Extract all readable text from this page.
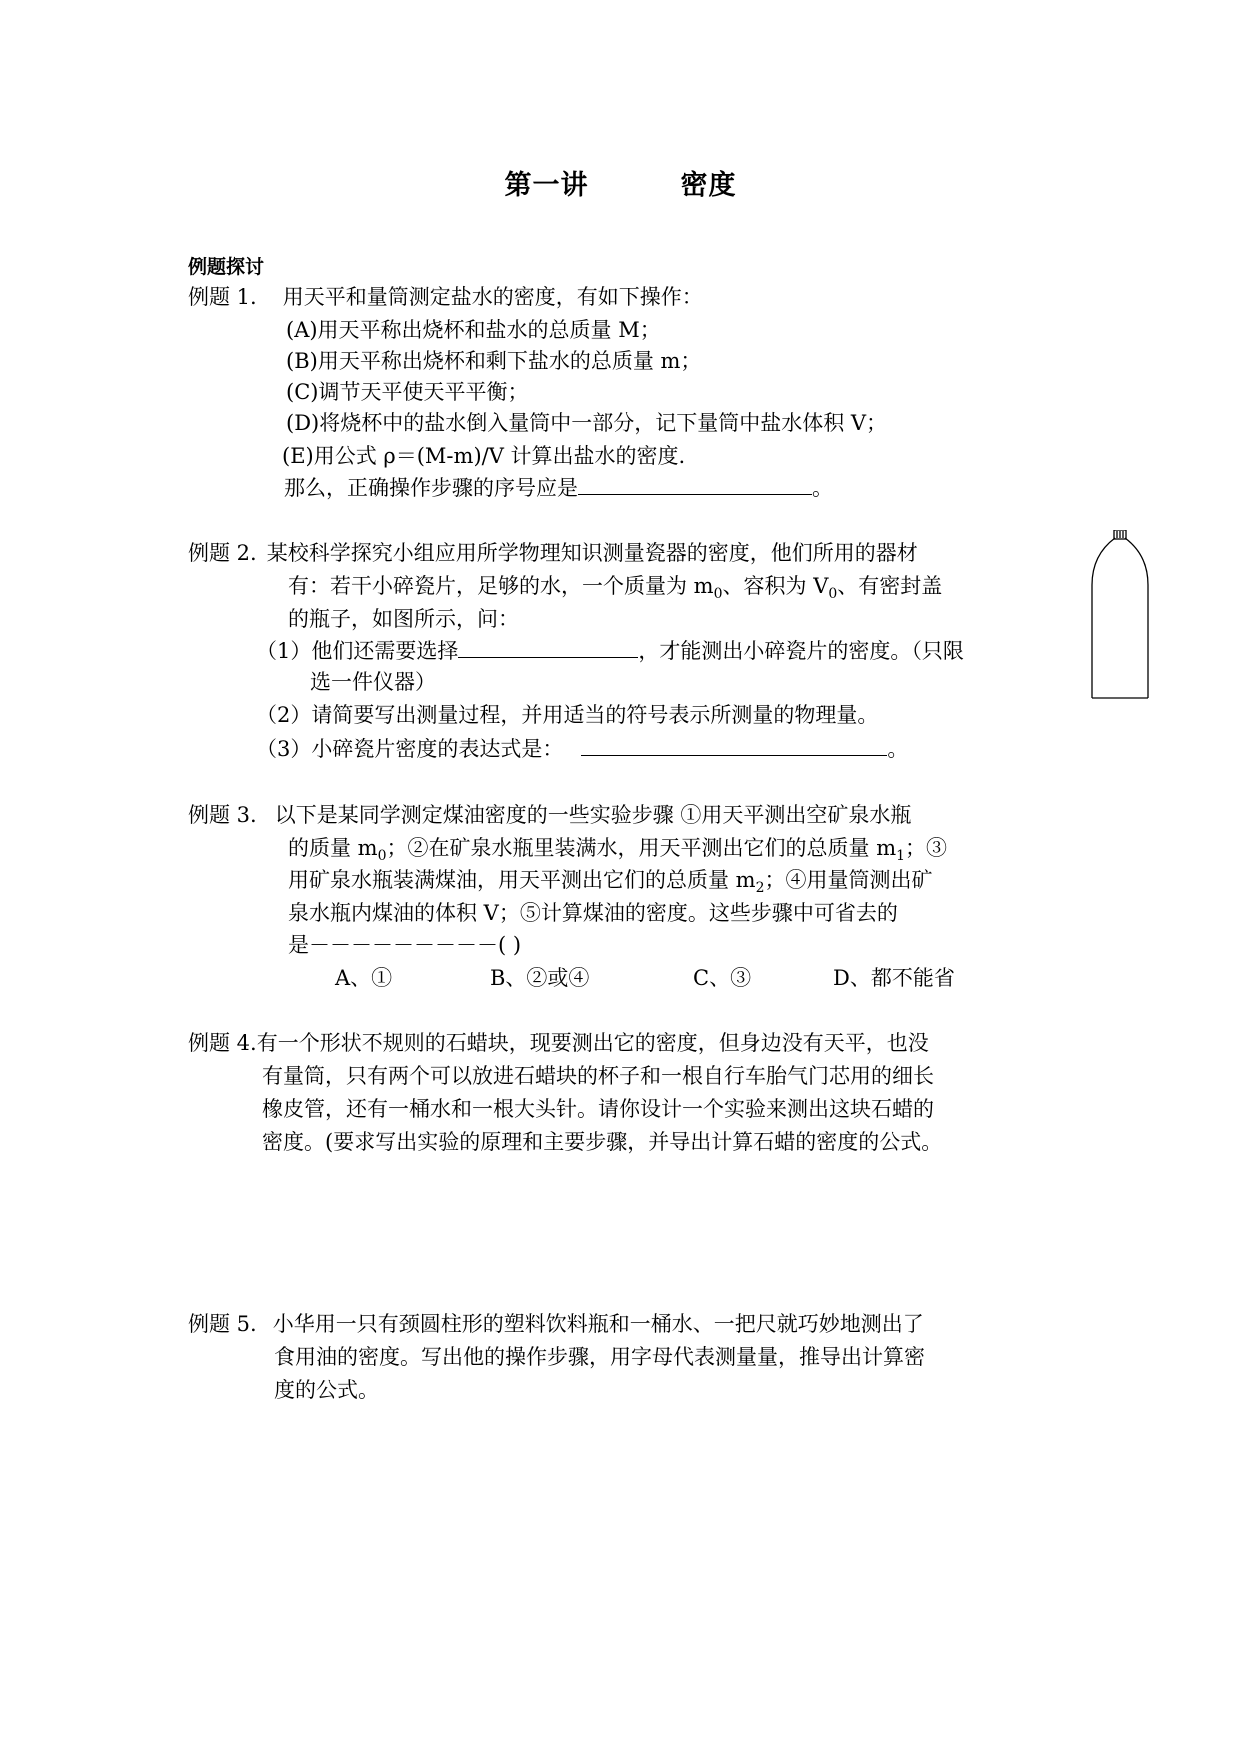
第一讲	密度
例题探讨
例题 1. 用天平和量筒测定盐水的密度，有如下操作：
(A)用天平称出烧杯和盐水的总质量 M；
(B)用天平称出烧杯和剩下盐水的总质量 m；
(C)调节天平使天平平衡；
(D)将烧杯中的盐水倒入量筒中一部分，记下量筒中盐水体积 V；
(E)用公式 ρ＝(M-m)/V 计算出盐水的密度.
那么，正确操作步骤的序号应是	。
例题 2. 某校科学探究小组应用所学物理知识测量瓷器的密度，他们所用的器材
有：若干小碎瓷片，足够的水，一个质量为 $m_0$、容积为 $V_0$、有密封盖
的瓶子，如图所示，问：
（1）他们还需要选择	，才能测出小碎瓷片的密度。（只限
选一件仪器）
（2）请简要写出测量过程，并用适当的符号表示所测量的物理量。
（3）小碎瓷片密度的表达式是：	。
例题 3. 以下是某同学测定煤油密度的一些实验步骤 ①用天平测出空矿泉水瓶
的质量 $m_0$；②在矿泉水瓶里装满水，用天平测出它们的总质量 $m_1$；③
用矿泉水瓶装满煤油，用天平测出它们的总质量 $m_2$；④用量筒测出矿
泉水瓶内煤油的体积 V；⑤计算煤油的密度。这些步骤中可省去的
是－－－－－－－－－( )
A、①	B、②或④	C、③	D、都不能省
例题 4.有一个形状不规则的石蜡块，现要测出它的密度，但身边没有天平，也没
有量筒，只有两个可以放进石蜡块的杯子和一根自行车胎气门芯用的细长
橡皮管，还有一桶水和一根大头针。请你设计一个实验来测出这块石蜡的
密度。(要求写出实验的原理和主要步骤，并导出计算石蜡的密度的公式。
例题 5. 小华用一只有颈圆柱形的塑料饮料瓶和一桶水、一把尺就巧妙地测出了
食用油的密度。写出他的操作步骤，用字母代表测量量，推导出计算密
度的公式。
